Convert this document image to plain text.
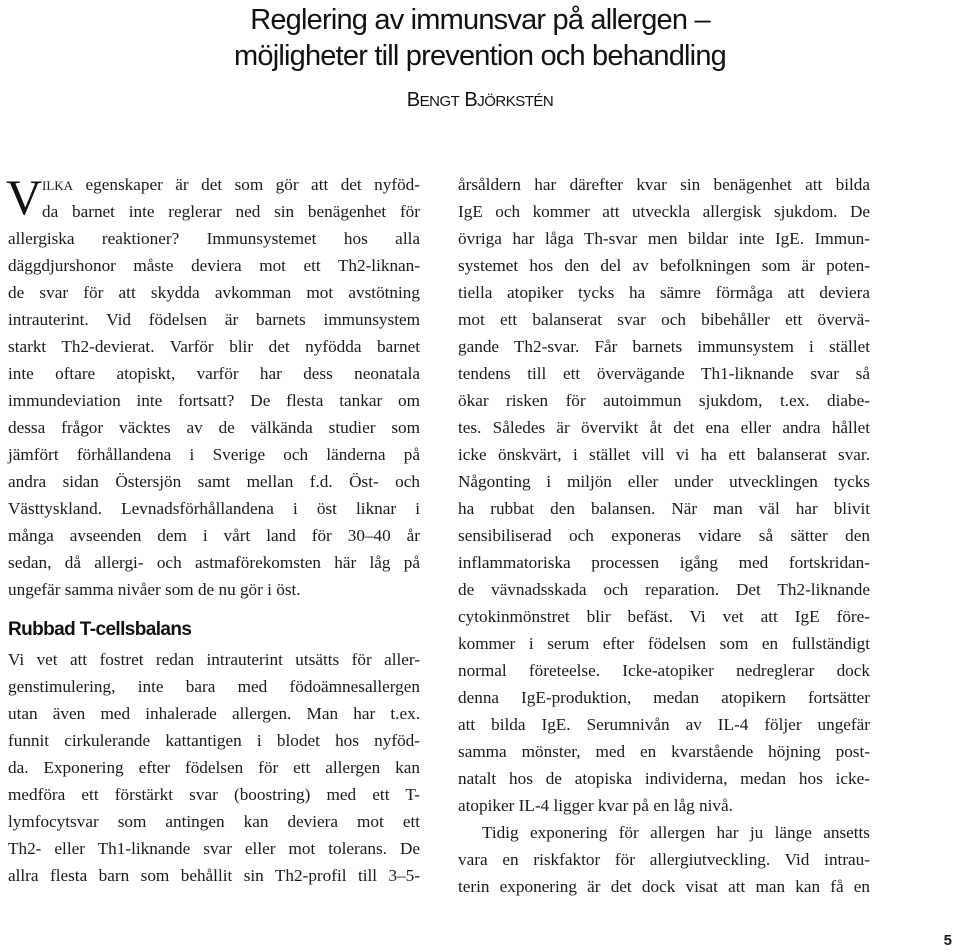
Reglering av immunsvar på allergen –
möjligheter till prevention och behandling
BENGT BJÖRKSTÉN
V ILKA egenskaper är det som gör att det nyföd-
da barnet inte reglerar ned sin benägenhet för
allergiska reaktioner? Immunsystemet hos alla
däggdjurshonor måste deviera mot ett Th2-liknan-
de svar för att skydda avkomman mot avstötning
intrauterint. Vid födelsen är barnets immunsystem
starkt Th2-devierat. Varför blir det nyfödda barnet
inte oftare atopiskt, varför har dess neonatala
immundeviation inte fortsatt? De flesta tankar om
dessa frågor väcktes av de välkända studier som
jämfört förhållandena i Sverige och länderna på
andra sidan Östersjön samt mellan f.d. Öst- och
Västtyskland. Levnadsförhållandena i öst liknar i
många avseenden dem i vårt land för 30–40 år
sedan, då allergi- och astmaförekomsten här låg på
ungefär samma nivåer som de nu gör i öst.
Rubbad T-cellsbalans
Vi vet att fostret redan intrauterint utsätts för aller-
genstimulering, inte bara med födoämnesallergen
utan även med inhalerade allergen. Man har t.ex.
funnit cirkulerande kattantigen i blodet hos nyföd-
da. Exponering efter födelsen för ett allergen kan
medföra ett förstärkt svar (boostring) med ett T-
lymfocytsvar som antingen kan deviera mot ett
Th2- eller Th1-liknande svar eller mot tolerans. De
allra flesta barn som behållit sin Th2-profil till 3–5-
årsåldern har därefter kvar sin benägenhet att bilda
IgE och kommer att utveckla allergisk sjukdom. De
övriga har låga Th-svar men bildar inte IgE. Immun-
systemet hos den del av befolkningen som är poten-
tiella atopiker tycks ha sämre förmåga att deviera
mot ett balanserat svar och bibehåller ett övervä-
gande Th2-svar. Får barnets immunsystem i stället
tendens till ett övervägande Th1-liknande svar så
ökar risken för autoimmun sjukdom, t.ex. diabe-
tes. Således är övervikt åt det ena eller andra hållet
icke önskvärt, i stället vill vi ha ett balanserat svar.
Någonting i miljön eller under utvecklingen tycks
ha rubbat den balansen. När man väl har blivit
sensibiliserad och exponeras vidare så sätter den
inflammatoriska processen igång med fortskridan-
de vävnadsskada och reparation. Det Th2-liknande
cytokinmönstret blir befäst. Vi vet att IgE före-
kommer i serum efter födelsen som en fullständigt
normal företeelse. Icke-atopiker nedreglerar dock
denna IgE-produktion, medan atopikern fortsätter
att bilda IgE. Serumnivån av IL-4 följer ungefär
samma mönster, med en kvarstående höjning post-
natalt hos de atopiska individerna, medan hos icke-
atopiker IL-4 ligger kvar på en låg nivå.
Tidig exponering för allergen har ju länge ansetts
vara en riskfaktor för allergiutveckling. Vid intrau-
terin exponering är det dock visat att man kan få en
5
